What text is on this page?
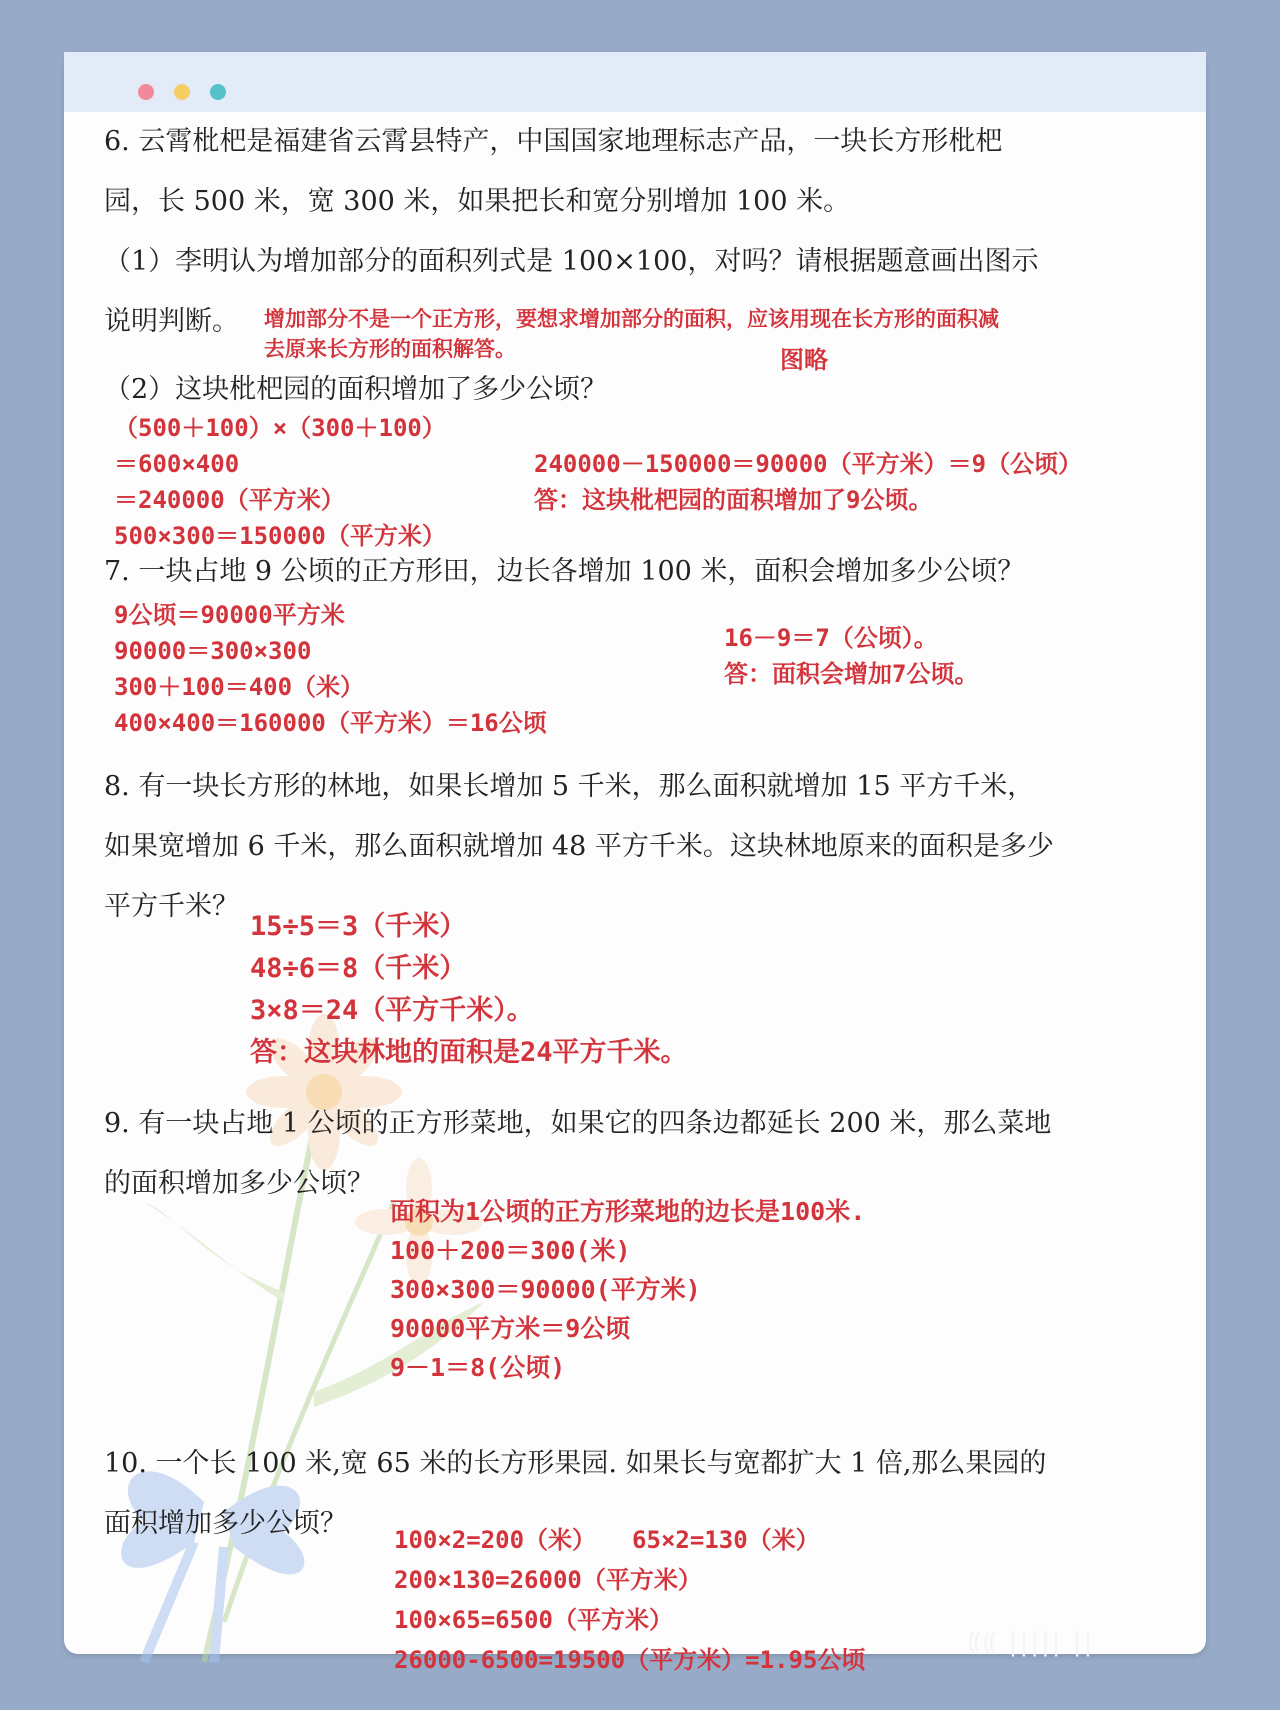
6. 云霄枇杷是福建省云霄县特产，中国国家地理标志产品，一块长方形枇杷

园，长 500 米，宽 300 米，如果把长和宽分别增加 100 米。

（1）李明认为增加部分的面积列式是 100×100，对吗？请根据题意画出图示

说明判断。	增加部分不是一个正方形，要想求增加部分的面积，应该用现在长方形的面积减
去原来长方形的面积解答。	图略

（2）这块枇杷园的面积增加了多少公顷？

（500＋100）×（300＋100）
＝600×400
＝240000（平方米）
500×300＝150000（平方米）
240000－150000＝90000（平方米）＝9（公顷）
答：这块枇杷园的面积增加了9公顷。

7. 一块占地 9 公顷的正方形田，边长各增加 100 米，面积会增加多少公顷？

9公顷＝90000平方米
90000＝300×300
300＋100＝400（米）
400×400＝160000（平方米）＝16公顷
16－9＝7（公顷）。
答：面积会增加7公顷。

8. 有一块长方形的林地，如果长增加 5 千米，那么面积就增加 15 平方千米，

如果宽增加 6 千米，那么面积就增加 48 平方千米。这块林地原来的面积是多少

平方千米？

15÷5＝3（千米）
48÷6＝8（千米）
3×8＝24（平方千米）。
答：这块林地的面积是24平方千米。

9. 有一块占地 1 公顷的正方形菜地，如果它的四条边都延长 200 米，那么菜地

的面积增加多少公顷？

面积为1公顷的正方形菜地的边长是100米.
100＋200＝300(米)
300×300＝90000(平方米)
90000平方米＝9公顷
9－1＝8(公顷)

10. 一个长 100 米,宽 65 米的长方形果园. 如果长与宽都扩大 1 倍,那么果园的

面积增加多少公顷？

100×2=200（米）　　 65×2=130（米）
200×130=26000（平方米）
100×65=6500（平方米）
26000-6500=19500（平方米）=1.95公顷
⸨⸨ ||||| ||
